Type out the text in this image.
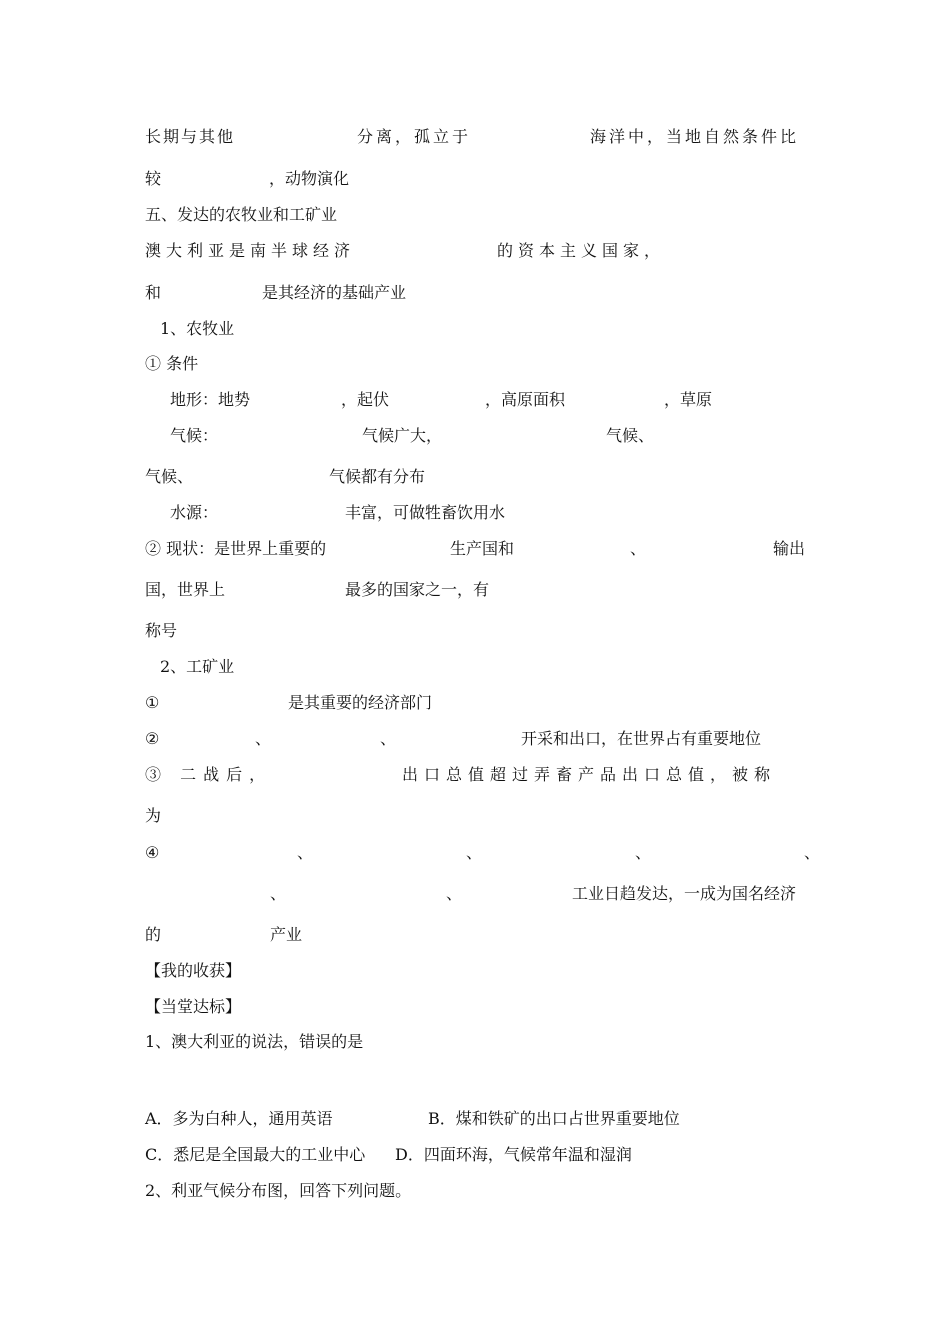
长期与其他	分离，孤立于	海洋中，当地自然条件比
较	，动物演化
五、发达的农牧业和工矿业
澳大利亚是南半球经济	的资本主义国家，
和	是其经济的基础产业
1、农牧业
① 条件
地形：地势	，起伏	，高原面积	，草原
气候：	气候广大，	气候、
气候、	气候都有分布
水源：	丰富，可做牲畜饮用水
② 现状：是世界上重要的	生产国和	、	输出
国，世界上	最多的国家之一，有
称号
2、工矿业
①	是其重要的经济部门
②	、	、	开采和出口，在世界占有重要地位
③ 二战后，	出口总值超过弄畜产品出口总值，被称
为
④	、	、	、	、
、	、	工业日趋发达，一成为国名经济
的	产业
【我的收获】
【当堂达标】
1、澳大利亚的说法，错误的是
A．多为白种人，通用英语	B．煤和铁矿的出口占世界重要地位
C．悉尼是全国最大的工业中心 D．四面环海，气候常年温和湿润
2、利亚气候分布图，回答下列问题。
